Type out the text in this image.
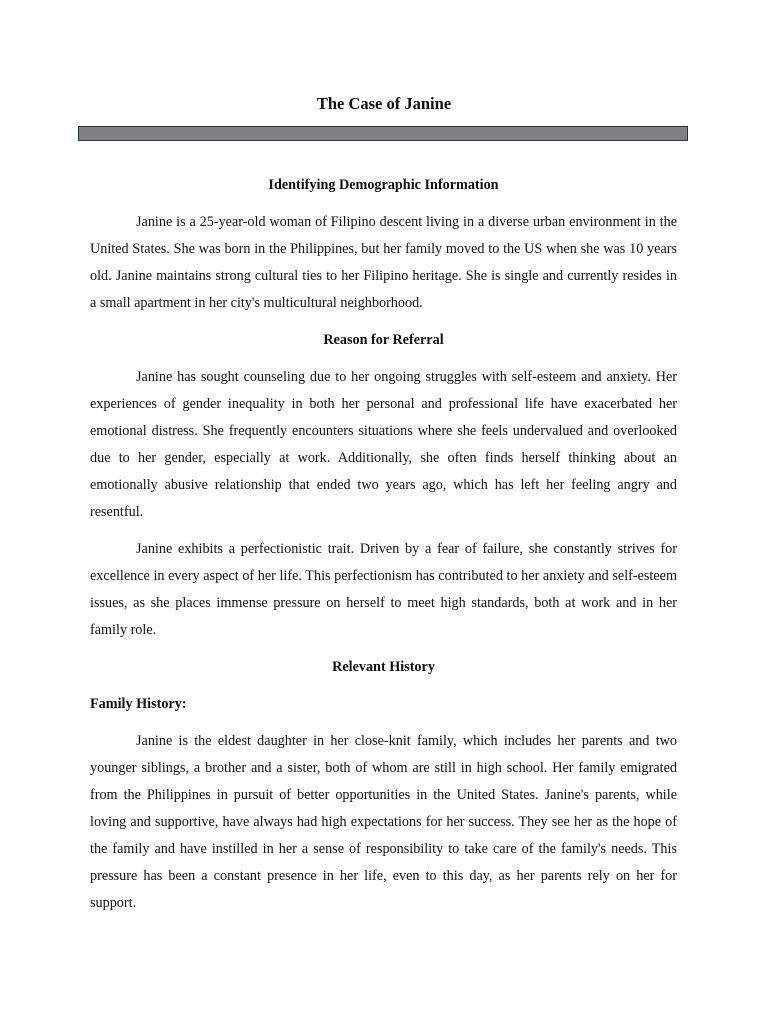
The Case of Janine

Identifying Demographic Information

Janine is a 25-year-old woman of Filipino descent living in a diverse urban environment in the United States. She was born in the Philippines, but her family moved to the US when she was 10 years old. Janine maintains strong cultural ties to her Filipino heritage. She is single and currently resides in a small apartment in her city's multicultural neighborhood.

Reason for Referral

Janine has sought counseling due to her ongoing struggles with self-esteem and anxiety. Her experiences of gender inequality in both her personal and professional life have exacerbated her emotional distress. She frequently encounters situations where she feels undervalued and overlooked due to her gender, especially at work. Additionally, she often finds herself thinking about an emotionally abusive relationship that ended two years ago, which has left her feeling angry and resentful.

Janine exhibits a perfectionistic trait. Driven by a fear of failure, she constantly strives for excellence in every aspect of her life. This perfectionism has contributed to her anxiety and self-esteem issues, as she places immense pressure on herself to meet high standards, both at work and in her family role.

Relevant History

Family History:

Janine is the eldest daughter in her close-knit family, which includes her parents and two younger siblings, a brother and a sister, both of whom are still in high school. Her family emigrated from the Philippines in pursuit of better opportunities in the United States. Janine's parents, while loving and supportive, have always had high expectations for her success. They see her as the hope of the family and have instilled in her a sense of responsibility to take care of the family's needs. This pressure has been a constant presence in her life, even to this day, as her parents rely on her for support.
